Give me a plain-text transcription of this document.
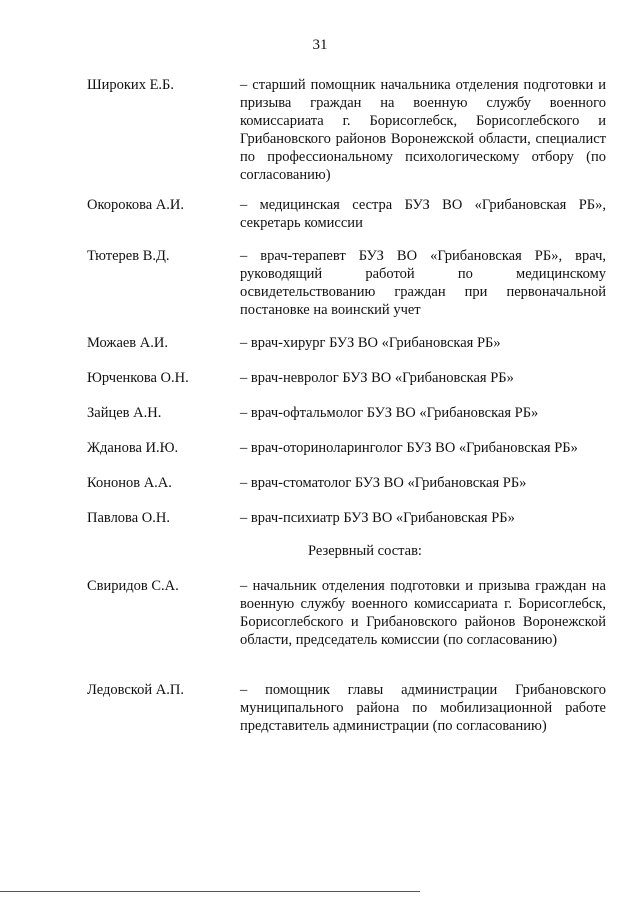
31
Широких Е.Б.	– старший помощник начальника отделения подготовки и призыва граждан на военную службу военного комиссариата г. Борисоглебск, Борисоглебского и Грибановского районов Воронежской области, специалист по профессиональному психологическому отбору (по согласованию)
Окорокова А.И.	– медицинская сестра БУЗ ВО «Грибановская РБ», секретарь комиссии
Тютерев В.Д.	– врач-терапевт БУЗ ВО «Грибановская РБ», врач, руководящий работой по медицинскому освидетельствованию граждан при первоначальной постановке на воинский учет
Можаев А.И.	– врач-хирург БУЗ ВО «Грибановская РБ»
Юрченкова О.Н.	– врач-невролог БУЗ ВО «Грибановская РБ»
Зайцев А.Н.	– врач-офтальмолог БУЗ ВО «Грибановская РБ»
Жданова И.Ю.	– врач-оториноларинголог БУЗ ВО «Грибановская РБ»
Кононов А.А.	– врач-стоматолог БУЗ ВО «Грибановская РБ»
Павлова О.Н.	– врач-психиатр БУЗ ВО «Грибановская РБ»
Резервный состав:
Свиридов С.А.	– начальник отделения подготовки и призыва граждан на военную службу военного комиссариата г. Борисоглебск, Борисоглебского и Грибановского районов Воронежской области, председатель комиссии (по согласованию)
Ледовской А.П.	– помощник главы администрации Грибановского муниципального района по мобилизационной работе представитель администрации (по согласованию)
